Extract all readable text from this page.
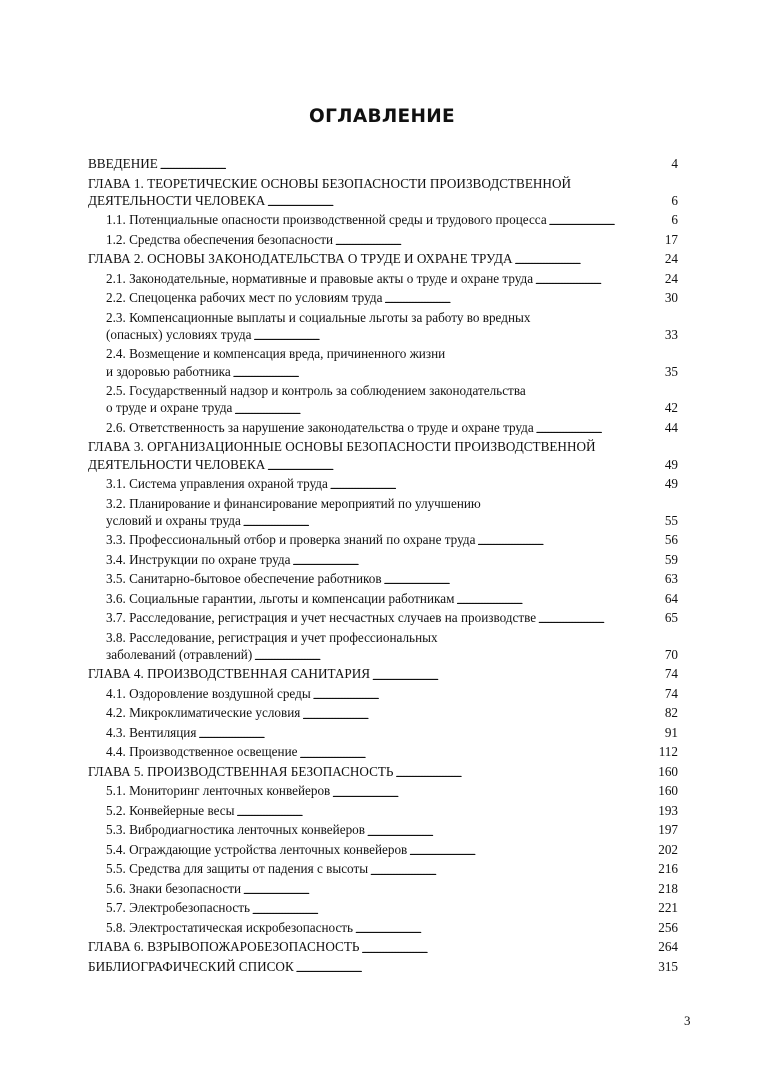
ОГЛАВЛЕНИЕ
ВВЕДЕНИЕ . . .	4
ГЛАВА 1. ТЕОРЕТИЧЕСКИЕ ОСНОВЫ БЕЗОПАСНОСТИ ПРОИЗВОДСТВЕННОЙ
ДЕЯТЕЛЬНОСТИ ЧЕЛОВЕКА . . .	6
1.1. Потенциальные опасности производственной среды и трудового процесса . . .	6
1.2. Средства обеспечения безопасности . . .	17
ГЛАВА 2. ОСНОВЫ ЗАКОНОДАТЕЛЬСТВА О ТРУДЕ И ОХРАНЕ ТРУДА . . .	24
2.1. Законодательные, нормативные и правовые акты о труде и охране труда . . .	24
2.2. Спецоценка рабочих мест по условиям труда . . .	30
2.3. Компенсационные выплаты и социальные льготы за работу во вредных
(опасных) условиях труда . . .	33
2.4. Возмещение и компенсация вреда, причиненного жизни
и здоровью работника . . .	35
2.5. Государственный надзор и контроль за соблюдением законодательства
о труде и охране труда . . .	42
2.6. Ответственность за нарушение законодательства о труде и охране труда . . .	44
ГЛАВА 3. ОРГАНИЗАЦИОННЫЕ ОСНОВЫ БЕЗОПАСНОСТИ ПРОИЗВОДСТВЕННОЙ
ДЕЯТЕЛЬНОСТИ ЧЕЛОВЕКА . . .	49
3.1. Система управления охраной труда . . .	49
3.2. Планирование и финансирование мероприятий по улучшению
условий и охраны труда . . .	55
3.3. Профессиональный отбор и проверка знаний по охране труда . . .	56
3.4. Инструкции по охране труда . . .	59
3.5. Санитарно-бытовое обеспечение работников . . .	63
3.6. Социальные гарантии, льготы и компенсации работникам . . .	64
3.7. Расследование, регистрация и учет несчастных случаев на производстве . . .	65
3.8. Расследование, регистрация и учет профессиональных
заболеваний (отравлений) . . .	70
ГЛАВА 4. ПРОИЗВОДСТВЕННАЯ САНИТАРИЯ . . .	74
4.1. Оздоровление воздушной среды . . .	74
4.2. Микроклиматические условия . . .	82
4.3. Вентиляция . . .	91
4.4. Производственное освещение . . .	112
ГЛАВА 5. ПРОИЗВОДСТВЕННАЯ БЕЗОПАСНОСТЬ . . .	160
5.1. Мониторинг ленточных конвейеров . . .	160
5.2. Конвейерные весы . . .	193
5.3. Вибродиагностика ленточных конвейеров . . .	197
5.4. Ограждающие устройства ленточных конвейеров . . .	202
5.5. Средства для защиты от падения с высоты . . .	216
5.6. Знаки безопасности . . .	218
5.7. Электробезопасность . . .	221
5.8. Электростатическая искробезопасность . . .	256
ГЛАВА 6. ВЗРЫВОПОЖАРОБЕЗОПАСНОСТЬ . . .	264
БИБЛИОГРАФИЧЕСКИЙ СПИСОК . . .	315
3
